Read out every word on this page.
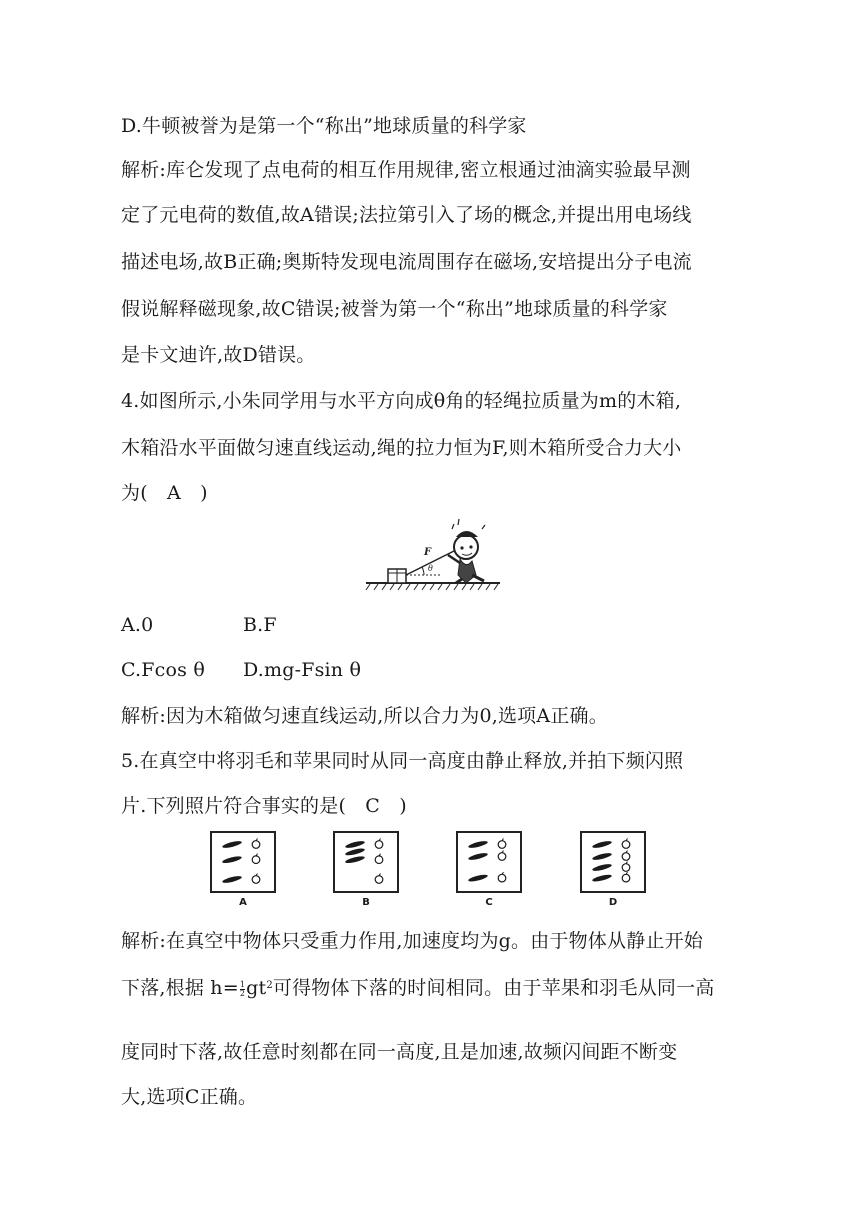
D.牛顿被誉为是第一个“称出”地球质量的科学家
解析:库仑发现了点电荷的相互作用规律,密立根通过油滴实验最早测
定了元电荷的数值,故A错误;法拉第引入了场的概念,并提出用电场线
描述电场,故B正确;奥斯特发现电流周围存在磁场,安培提出分子电流
假说解释磁现象,故C错误;被誉为第一个“称出”地球质量的科学家
是卡文迪许,故D错误。
4.如图所示,小朱同学用与水平方向成θ角的轻绳拉质量为m的木箱,
木箱沿水平面做匀速直线运动,绳的拉力恒为F,则木箱所受合力大小
为(　A　)
F
θ
A.0	B.F
C.Fcos θ D.mg-Fsin θ
解析:因为木箱做匀速直线运动,所以合力为0,选项A正确。
5.在真空中将羽毛和苹果同时从同一高度由静止释放,并拍下频闪照
片.下列照片符合事实的是(　C　)
A	B	C	D
解析:在真空中物体只受重力作用,加速度均为g。由于物体从静止开始
下落,根据 $h= \frac{1}{2} gt^2$可得物体下落的时间相同。由于苹果和羽毛从同一高
度同时下落,故任意时刻都在同一高度,且是加速,故频闪间距不断变
大,选项C正确。
